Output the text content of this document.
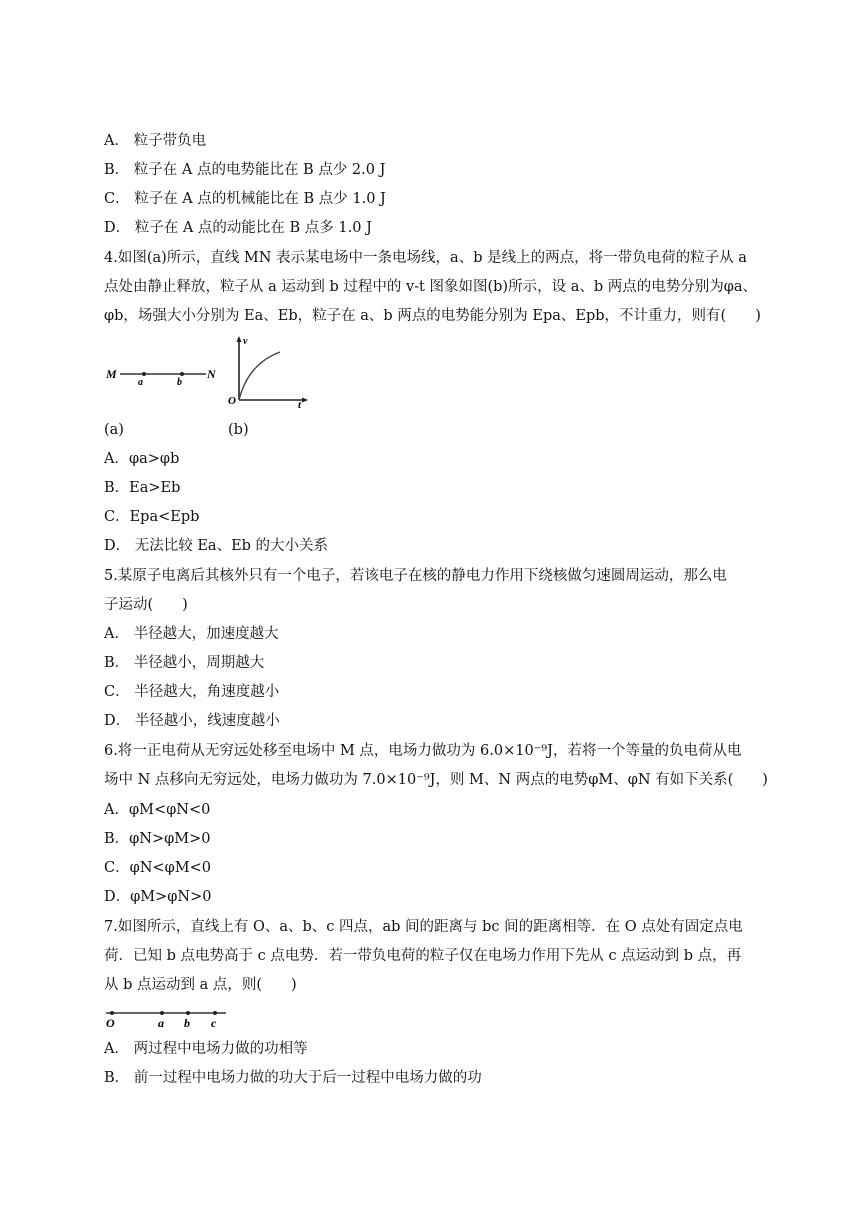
A． 粒子带负电
B． 粒子在 A 点的电势能比在 B 点少 2.0 J
C． 粒子在 A 点的机械能比在 B 点少 1.0 J
D． 粒子在 A 点的动能比在 B 点多 1.0 J
4.如图(a)所示，直线 MN 表示某电场中一条电场线，a、b 是线上的两点，将一带负电荷的粒子从 a
点处由静止释放，粒子从 a 运动到 b 过程中的 v-t 图象如图(b)所示，设 a、b 两点的电势分别为φa、
φb，场强大小分别为 Ea、Eb，粒子在 a、b 两点的电势能分别为 Epa、Epb，不计重力，则有(　　)
M	N
a	b
v
O	t
(a)	(b)
A．φa>φb
B．Ea>Eb
C．Epa<Epb
D． 无法比较 Ea、Eb 的大小关系
5.某原子电离后其核外只有一个电子，若该电子在核的静电力作用下绕核做匀速圆周运动，那么电
子运动(　　)
A． 半径越大，加速度越大
B． 半径越小，周期越大
C． 半径越大，角速度越小
D． 半径越小，线速度越小
6.将一正电荷从无穷远处移至电场中 M 点，电场力做功为 6.0×10⁻⁹J，若将一个等量的负电荷从电
场中 N 点移向无穷远处，电场力做功为 7.0×10⁻⁹J，则 M、N 两点的电势φM、φN 有如下关系(　　)
A．φM<φN<0
B．φN>φM>0
C．φN<φM<0
D．φM>φN>0
7.如图所示，直线上有 O、a、b、c 四点，ab 间的距离与 bc 间的距离相等．在 O 点处有固定点电
荷．已知 b 点电势高于 c 点电势．若一带负电荷的粒子仅在电场力作用下先从 c 点运动到 b 点，再
从 b 点运动到 a 点，则(　　)
O	a b c
A． 两过程中电场力做的功相等
B． 前一过程中电场力做的功大于后一过程中电场力做的功
